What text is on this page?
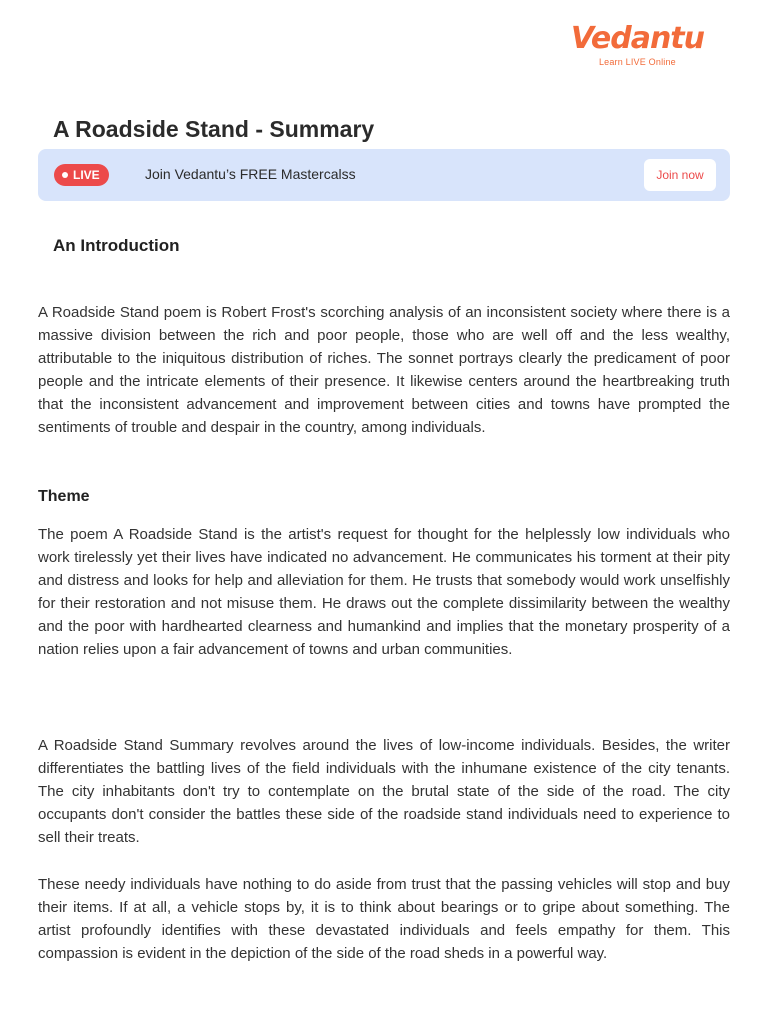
Vedantu
Learn LIVE Online
A Roadside Stand - Summary
LIVE	Join Vedantu’s FREE Mastercalss	Join now
An Introduction

A Roadside Stand poem is Robert Frost's scorching analysis of an inconsistent society where there is a massive division between the rich and poor people, those who are well off and the less wealthy, attributable to the iniquitous distribution of riches. The sonnet portrays clearly the predicament of poor people and the intricate elements of their presence. It likewise centers around the heartbreaking truth that the inconsistent advancement and improvement between cities and towns have prompted the sentiments of trouble and despair in the country, among individuals.

Theme

The poem A Roadside Stand is the artist's request for thought for the helplessly low individuals who work tirelessly yet their lives have indicated no advancement. He communicates his torment at their pity and distress and looks for help and alleviation for them. He trusts that somebody would work unselfishly for their restoration and not misuse them. He draws out the complete dissimilarity between the wealthy and the poor with hardhearted clearness and humankind and implies that the monetary prosperity of a nation relies upon a fair advancement of towns and urban communities.

A Roadside Stand Summary revolves around the lives of low-income individuals. Besides, the writer differentiates the battling lives of the field individuals with the inhumane existence of the city tenants. The city inhabitants don't try to contemplate on the brutal state of the side of the road. The city occupants don't consider the battles these side of the roadside stand individuals need to experience to sell their treats.

These needy individuals have nothing to do aside from trust that the passing vehicles will stop and buy their items. If at all, a vehicle stops by, it is to think about bearings or to gripe about something. The artist profoundly identifies with these devastated individuals and feels empathy for them. This compassion is evident in the depiction of the side of the road sheds in a powerful way.
